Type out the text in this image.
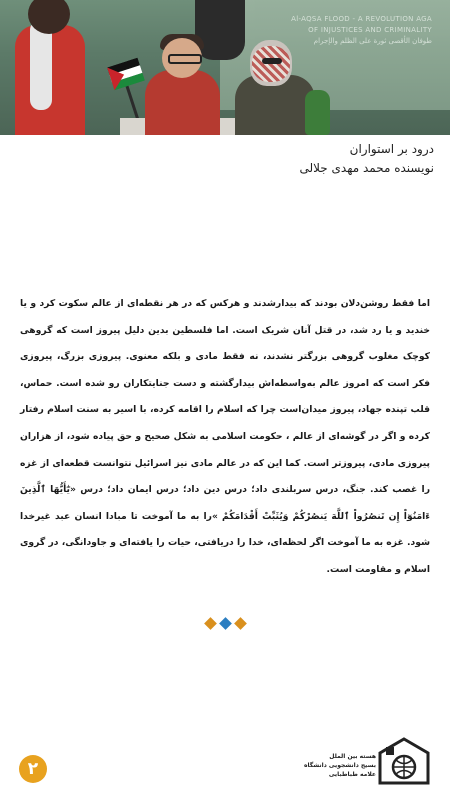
Al-AQSA FLOOD - A REVOLUTION AGA
OF INJUSTICES AND CRIMINALITY
طوفان الأقصى ثورة على الظلم والإجرام
درود بر استواران
نویسنده محمد مهدی جلالی
اما فقط روشن‌دلان بودند که بیدار‌شدند و هرکس که در هر نقطه‌ای از عالم سکوت کرد و یا خندید و یا رد شد، در قتل آنان شریک است. اما فلسطین بدین دلیل پیروز است که گروهی کوچک مغلوب گروهی بزرگتر نشدند، نه فقط مادی و بلکه معنوی. پیروزی بزرگ، پیروزی فکر است که امروز عالم به‌واسطه‌اش بیدارگشته و دست جنایتکاران رو شده است. حماس، قلب تپنده جهاد، پیروز میدان‌است چرا که اسلام را اقامه کرده، با اسیر به سنت اسلام رفتار کرده و اگر در گوشه‌ای از عالم ، حکومت اسلامی به شکل صحیح و حق پیاده شود، از هزاران پیروزی مادی، پیروز‌تر است. کما این که در عالم مادی نیز اسرائیل نتوانست قطعه‌ای از غزه را غصب کند. جنگ، درس سربلندی داد؛ درس دین داد؛ درس ایمان داد؛ درس «يَٰٓأَيُّهَا ٱلَّذِينَ ءَامَنُوٓاْ إِن تَنصُرُواْ ٱللَّهَ يَنصُرْكُمْ وَيُثَبِّتْ أَقْدَامَكُمْ »را به ما آموخت تا مبادا انسان عبد غیرخدا شود. غزه به ما آموخت اگر لحظه‌ای، خدا را دریافتی، حیات را یافته‌ای و جاودانگی، در گروی اسلام و مقاومت است.
۲
هسته بین الملل
بسیج دانشجویی دانشگاه علامه طباطبایی
